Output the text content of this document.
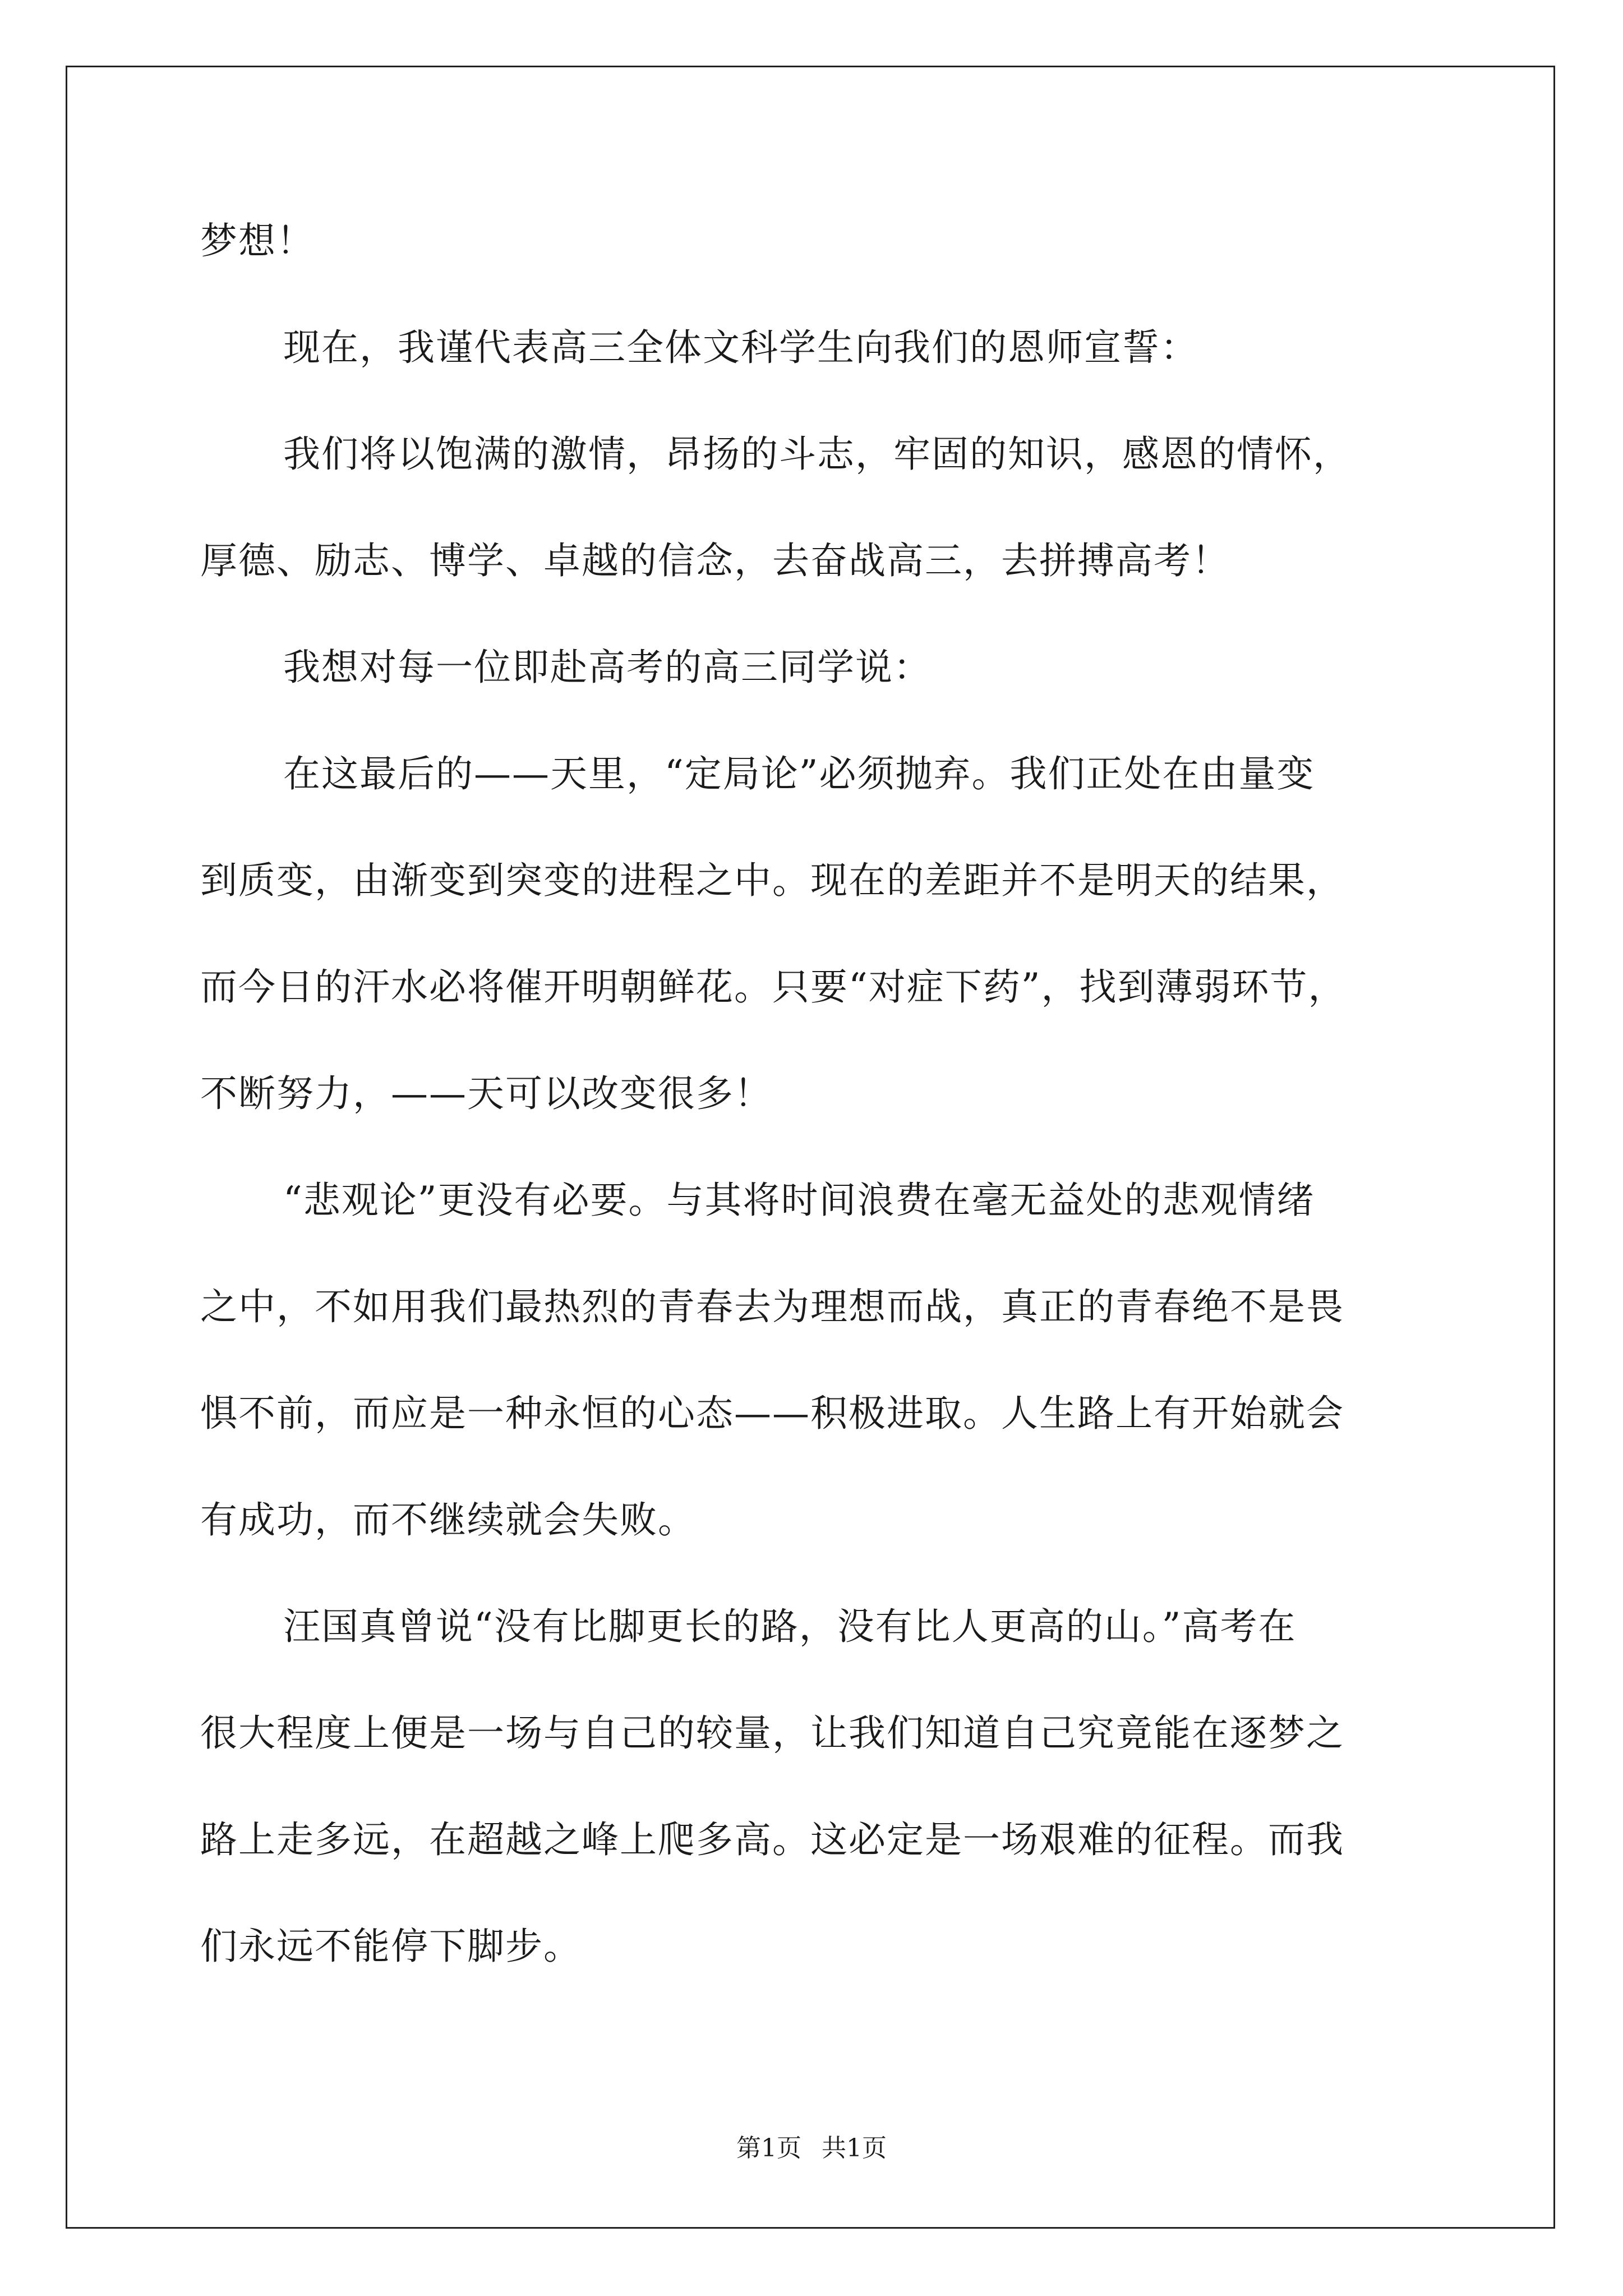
梦想！
现在，我谨代表高三全体文科学生向我们的恩师宣誓：
我们将以饱满的激情，昂扬的斗志，牢固的知识，感恩的情怀，
厚德、励志、博学、卓越的信念，去奋战高三，去拼搏高考！
我想对每一位即赴高考的高三同学说：
在这最后的——天里，“定局论”必须抛弃。我们正处在由量变
到质变，由渐变到突变的进程之中。现在的差距并不是明天的结果，
而今日的汗水必将催开明朝鲜花。只要“对症下药”，找到薄弱环节，
不断努力，——天可以改变很多！
“悲观论”更没有必要。与其将时间浪费在毫无益处的悲观情绪
之中，不如用我们最热烈的青春去为理想而战，真正的青春绝不是畏
惧不前，而应是一种永恒的心态——积极进取。人生路上有开始就会
有成功，而不继续就会失败。
汪国真曾说“没有比脚更长的路，没有比人更高的山。”高考在
很大程度上便是一场与自己的较量，让我们知道自己究竟能在逐梦之
路上走多远，在超越之峰上爬多高。这必定是一场艰难的征程。而我
们永远不能停下脚步。
第1页 共1页
